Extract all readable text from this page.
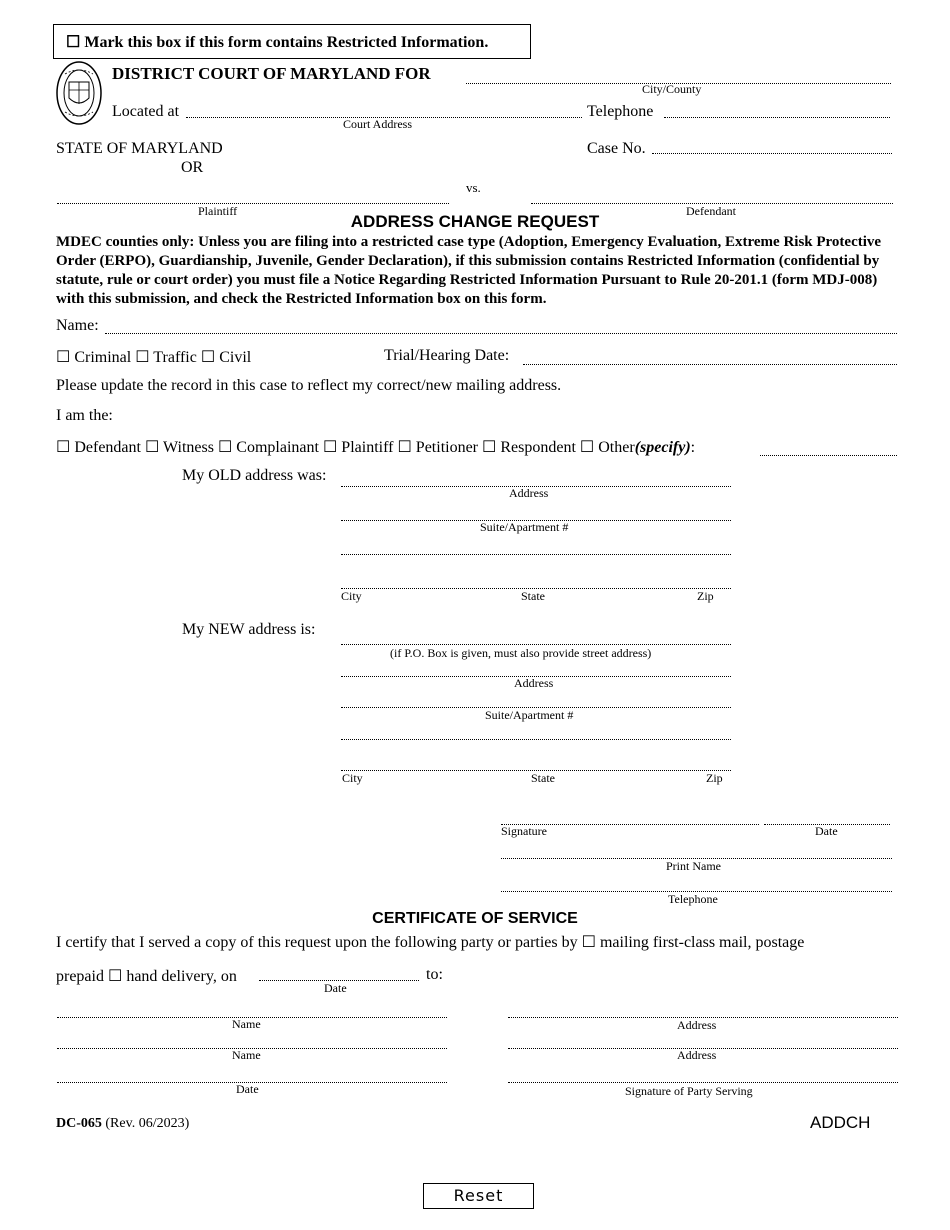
☐ Mark this box if this form contains Restricted Information.
DISTRICT COURT OF MARYLAND FOR
City/County
Located at
Court Address
Telephone
STATE OF MARYLAND
OR
Case No.
vs.
Plaintiff	Defendant
ADDRESS CHANGE REQUEST
MDEC counties only: Unless you are filing into a restricted case type (Adoption, Emergency Evaluation, Extreme Risk Protective Order (ERPO), Guardianship, Juvenile, Gender Declaration), if this submission contains Restricted Information (confidential by statute, rule or court order) you must file a Notice Regarding Restricted Information Pursuant to Rule 20-201.1 (form MDJ-008) with this submission, and check the Restricted Information box on this form.
Name:
☐ Criminal ☐ Traffic ☐ Civil	Trial/Hearing Date:
Please update the record in this case to reflect my correct/new mailing address.
I am the:
☐ Defendant ☐ Witness ☐ Complainant ☐ Plaintiff ☐ Petitioner ☐ Respondent ☐ Other(specify):
My OLD address was:
Address
Suite/Apartment #
City	State	Zip
My NEW address is:
(if P.O. Box is given, must also provide street address)
Address
Suite/Apartment #
City	State	Zip
Signature	Date
Print Name
Telephone
CERTIFICATE OF SERVICE
I certify that I served a copy of this request upon the following party or parties by ☐ mailing first-class mail, postage
prepaid ☐ hand delivery, on
Date
to:
Name	Address
Name	Address
Date	Signature of Party Serving
DC-065 (Rev. 06/2023)	ADDCH
Reset
